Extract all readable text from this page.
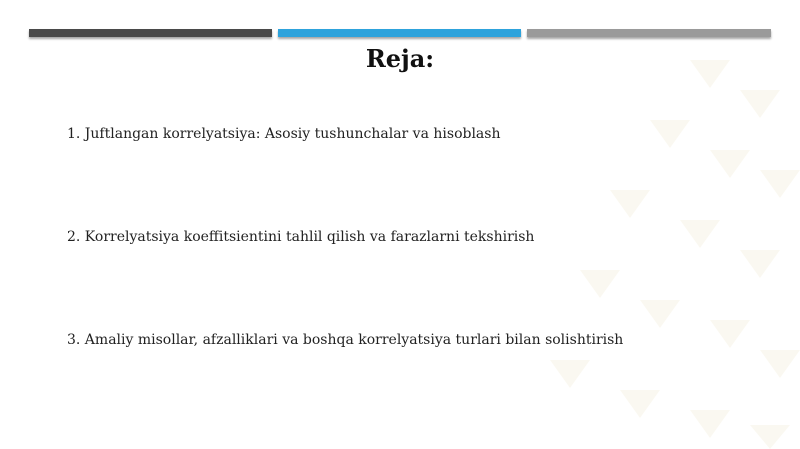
Reja:
1. Juftlangan korrelyatsiya: Asosiy tushunchalar va hisoblash
2. Korrelyatsiya koeffitsientini tahlil qilish va farazlarni tekshirish
3. Amaliy misollar, afzalliklari va boshqa korrelyatsiya turlari bilan solishtirish
